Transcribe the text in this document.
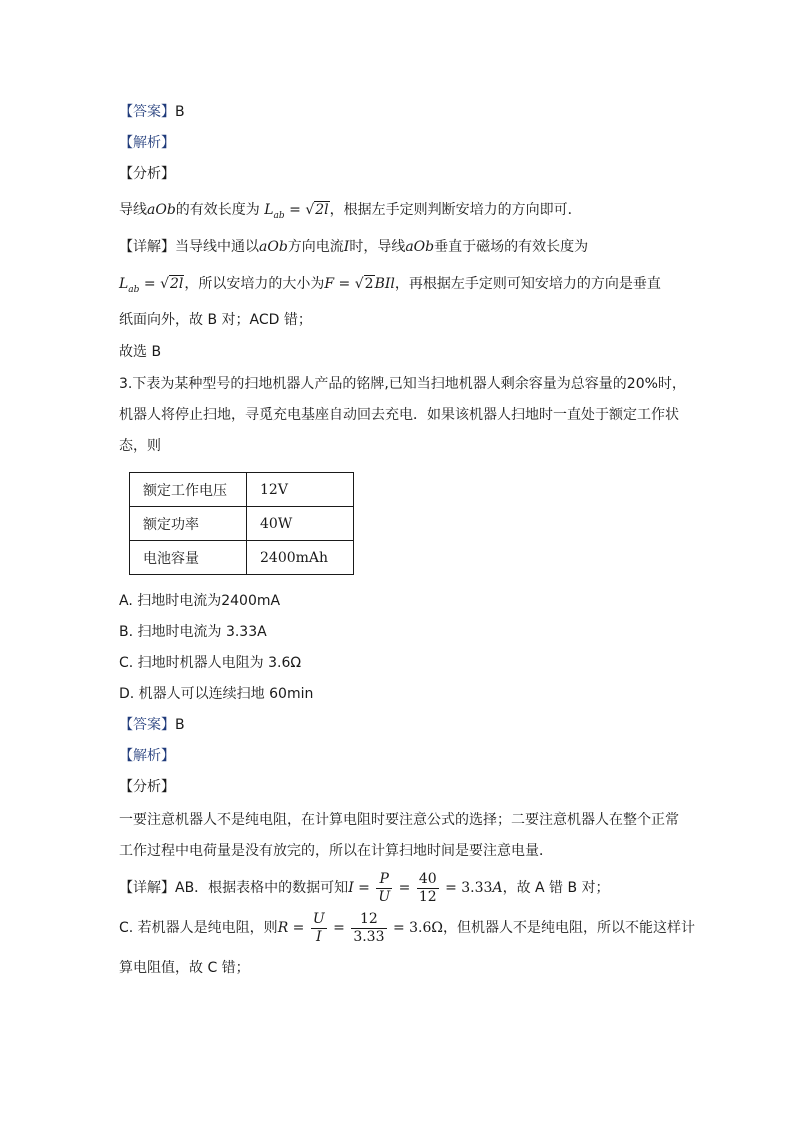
【答案】B
【解析】
【分析】
导线aOb的有效长度为 $L_{ab} = √2l$，根据左手定则判断安培力的方向即可．
【详解】当导线中通以aOb方向电流I时，导线aOb垂直于磁场的有效长度为
$L_{ab} = √2l$，所以安培力的大小为F = √2BIl，再根据左手定则可知安培力的方向是垂直
纸面向外，故 B 对；ACD 错；
故选 B
3.下表为某种型号的扫地机器人产品的铭牌,已知当扫地机器人剩余容量为总容量的20%时，
机器人将停止扫地，寻觅充电基座自动回去充电．如果该机器人扫地时一直处于额定工作状
态，则
额定工作电压	12V
额定功率	40W
电池容量	2400mAh
A. 扫地时电流为2400mA
B. 扫地时电流为 3.33A
C. 扫地时机器人电阻为 3.6Ω
D. 机器人可以连续扫地 60min
【答案】B
【解析】
【分析】
一要注意机器人不是纯电阻，在计算电阻时要注意公式的选择；二要注意机器人在整个正常
工作过程中电荷量是没有放完的，所以在计算扫地时间是要注意电量．
【详解】AB．根据表格中的数据可知$I = \frac{P}{U} = \frac{40}{12} = 3.33A$，故 A 错 B 对；
C. 若机器人是纯电阻，则$R = \frac{U}{I} = \frac{12}{3.33} = 3.6\Omega$，但机器人不是纯电阻，所以不能这样计
算电阻值，故 C 错；
